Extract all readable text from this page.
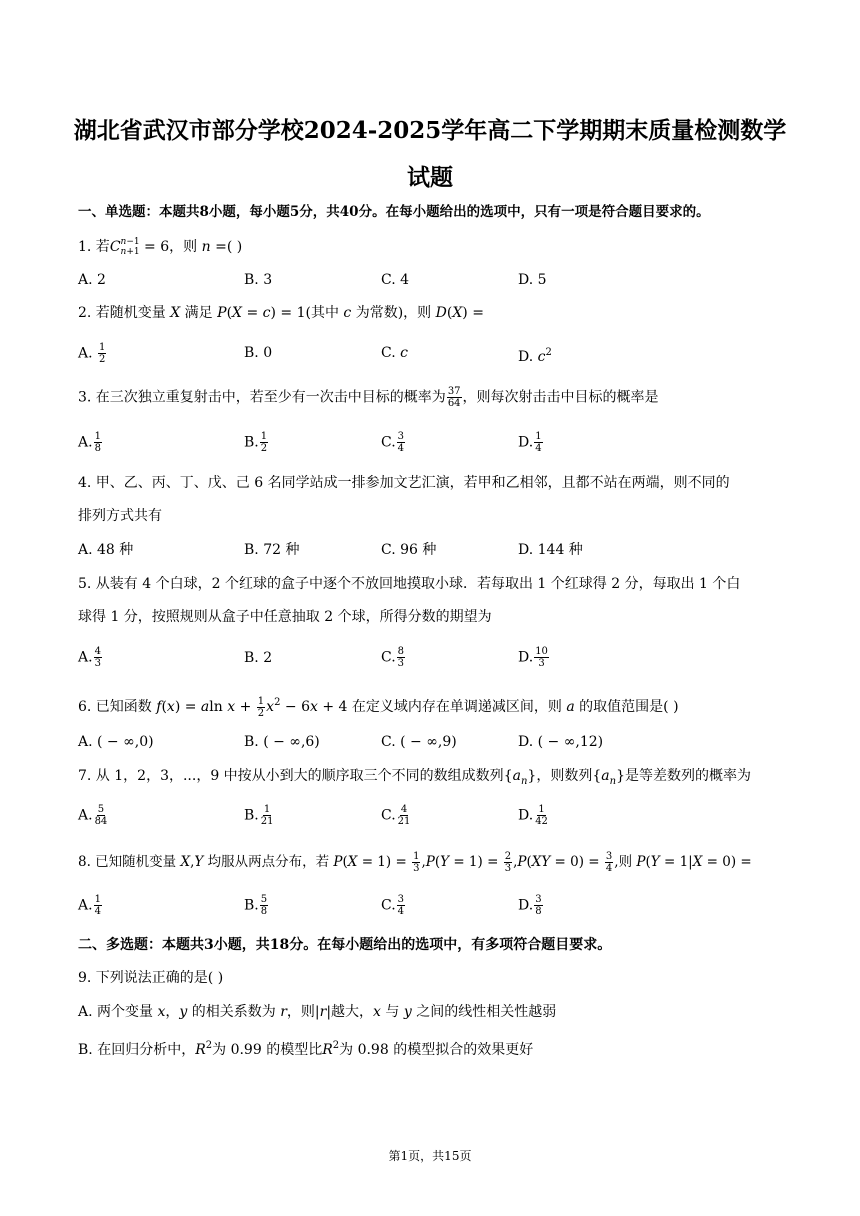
湖北省武汉市部分学校2024-2025学年高二下学期期末质量检测数学
试题
一、单选题：本题共8小题，每小题5分，共40分。在每小题给出的选项中，只有一项是符合题目要求的。
1. 若C n−1
n+1 = 6，则 n =( )
A. 2	B. 3	C. 4	D. 5
2. 若随机变量 X 满足 P(X = c) = 1(其中 c 为常数)，则 D(X) =
A. $\frac{1}{2}$	B. 0	C. c	D. $c^2$
3. 在三次独立重复射击中，若至少有一次击中目标的概率为 $\frac{37}{64}$ ，则每次射击击中目标的概率是
A. $\frac{1}{8}$	B. $\frac{1}{2}$	C. $\frac{3}{4}$	D. $\frac{1}{4}$
4. 甲、乙、丙、丁、戊、己 6 名同学站成一排参加文艺汇演，若甲和乙相邻，且都不站在两端，则不同的
排列方式共有
A. 48 种	B. 72 种	C. 96 种	D. 144 种
5. 从装有 4 个白球，2 个红球的盒子中逐个不放回地摸取小球．若每取出 1 个红球得 2 分，每取出 1 个白
球得 1 分，按照规则从盒子中任意抽取 2 个球，所得分数的期望为
A. $\frac{4}{3}$	B. 2	C. $\frac{8}{3}$	D. $\frac{10}{3}$
6. 已知函数 f(x) = aln $x + \frac{1}{2} x^2 - 6x + 4$ 在定义域内存在单调递减区间，则 a 的取值范围是( )
A. ( − ∞,0)	B. ( − ∞,6)	C. ( − ∞,9)	D. ( − ∞,12)
7. 从 1，2，3，...，9 中按从小到大的顺序取三个不同的数组成数列$\{a_n\}$，则数列$\{a_n\}$是等差数列的概率为
A. $\frac{5}{84}$	B. $\frac{1}{21}$	C. $\frac{4}{21}$	D. $\frac{1}{42}$
8. 已知随机变量 X,Y 均服从两点分布，若 $P(X = 1) = \frac{1}{3} ,P(Y = 1) = \frac{2}{3} ,P(XY = 0) = \frac{3}{4}$ ,则 P(Y = 1|X = 0) =
A. $\frac{1}{4}$	B. $\frac{5}{8}$	C. $\frac{3}{4}$	D. $\frac{3}{8}$
二、多选题：本题共3小题，共18分。在每小题给出的选项中，有多项符合题目要求。
9. 下列说法正确的是( )
A. 两个变量 x，y 的相关系数为 r，则|r|越大，x 与 y 之间的线性相关性越弱
B. 在回归分析中，$R^2$为 0.99 的模型比$R^2$为 0.98 的模型拟合的效果更好
第1页，共15页
